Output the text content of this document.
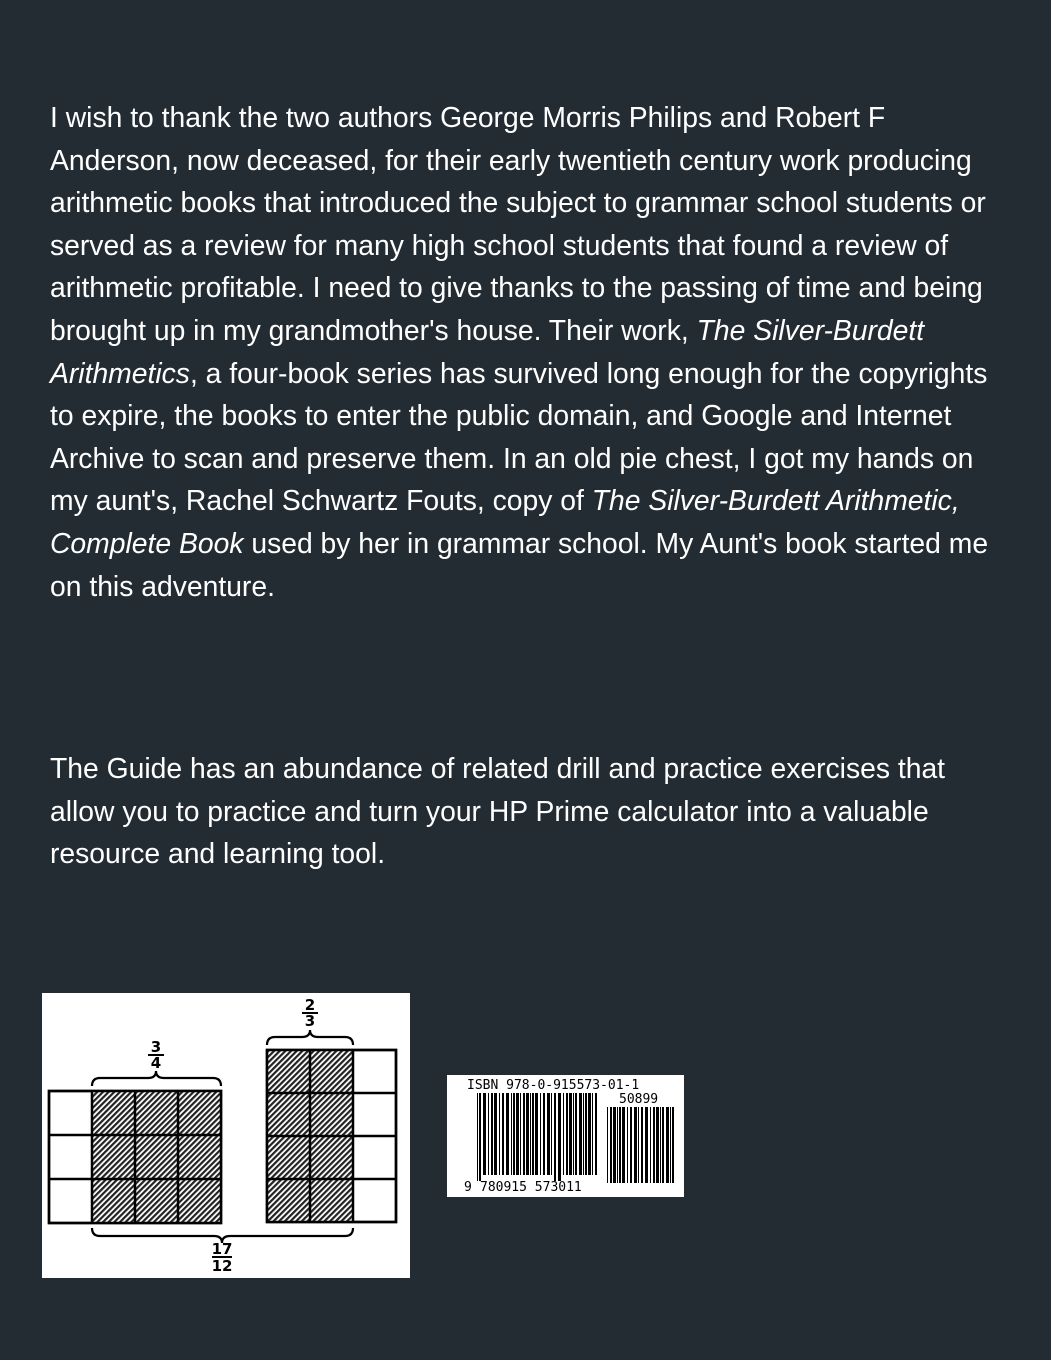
I wish to thank the two authors George Morris Philips and Robert F Anderson, now deceased, for their early twentieth century work producing arithmetic books that introduced the subject to grammar school students or served as a review for many high school students that found a review of arithmetic profitable. I need to give thanks to the passing of time and being brought up in my grandmother's house. Their work, The Silver-Burdett Arithmetics, a four-book series has survived long enough for the copyrights to expire, the books to enter the public domain, and Google and Internet Archive to scan and preserve them. In an old pie chest, I got my hands on my aunt's, Rachel Schwartz Fouts, copy of The Silver-Burdett Arithmetic, Complete Book used by her in grammar school. My Aunt's book started me on this adventure.

The Guide has an abundance of related drill and practice exercises that allow you to practice and turn your HP Prime calculator into a valuable resource and learning tool.

3
4
2
3
17
12
ISBN 978-0-915573-01-1
50899
9 780915 573011
